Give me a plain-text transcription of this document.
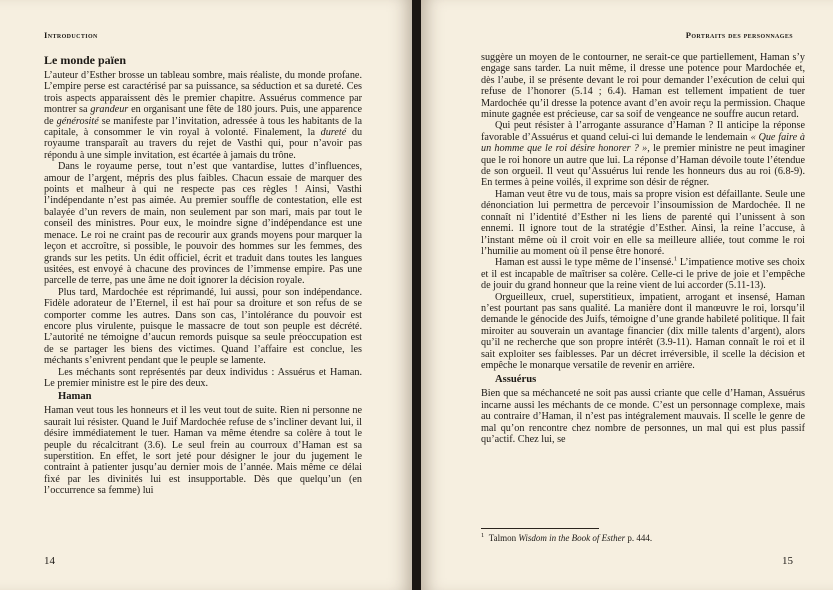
Introduction
Le monde païen

L’auteur d’Esther brosse un tableau sombre, mais réaliste, du monde profane. L’empire perse est caractérisé par sa puissance, sa séduction et sa dureté. Ces trois aspects apparaissent dès le premier chapitre. Assuérus commence par montrer sa grandeur en organisant une fête de 180 jours. Puis, une apparence de générosité se manifeste par l’invitation, adressée à tous les habitants de la capitale, à consommer le vin royal à volonté. Finalement, la dureté du royaume transparaît au travers du rejet de Vasthi qui, pour n’avoir pas répondu à une simple invitation, est écartée à jamais du trône.

Dans le royaume perse, tout n’est que vantardise, luttes d’influences, amour de l’argent, mépris des plus faibles. Chacun essaie de marquer des points et malheur à qui ne respecte pas ces règles ! Ainsi, Vasthi l’indépendante n’est pas aimée. Au premier souffle de contestation, elle est balayée d’un revers de main, non seulement par son mari, mais par tout le conseil des ministres. Pour eux, le moindre signe d’indépendance est une menace. Le roi ne craint pas de recourir aux grands moyens pour marquer la leçon et accroître, si possible, le pouvoir des hommes sur les femmes, des grands sur les petits. Un édit officiel, écrit et traduit dans toutes les langues usitées, est envoyé à chacune des provinces de l’immense empire. Pas une parcelle de terre, pas une âme ne doit ignorer la décision royale.

Plus tard, Mardochée est réprimandé, lui aussi, pour son indépendance. Fidèle adorateur de l’Eternel, il est haï pour sa droiture et son refus de se comporter comme les autres. Dans son cas, l’intolérance du pouvoir est encore plus virulente, puisque le massacre de tout son peuple est décrété. L’autorité ne témoigne d’aucun remords puisque sa seule préoccupation est de se partager les biens des victimes. Quand l’affaire est conclue, les méchants s’enivrent pendant que le peuple se lamente.

Les méchants sont représentés par deux individus : Assuérus et Haman. Le premier ministre est le pire des deux.

Haman

Haman veut tous les honneurs et il les veut tout de suite. Rien ni personne ne saurait lui résister. Quand le Juif Mardochée refuse de s’incliner devant lui, il désire immédiatement le tuer. Haman va même étendre sa colère à tout le peuple du récalcitrant (3.6). Le seul frein au courroux d’Haman est sa superstition. En effet, le sort jeté pour désigner le jour du jugement le contraint à patienter jusqu’au dernier mois de l’année. Mais même ce délai fixé par les divinités lui est insupportable. Dès que quelqu’un (en l’occurrence sa femme) lui

14
Portraits des personnages

suggère un moyen de le contourner, ne serait-ce que partiellement, Haman s’y engage sans tarder. La nuit même, il dresse une potence pour Mardochée et, dès l’aube, il se présente devant le roi pour demander l’exécution de celui qui refuse de l’honorer (5.14 ; 6.4). Haman est tellement impatient de tuer Mardochée qu’il dresse la potence avant d’en avoir reçu la permission. Chaque minute gagnée est précieuse, car sa soif de vengeance ne souffre aucun retard.

Qui peut résister à l’arrogante assurance d’Haman ? Il anticipe la réponse favorable d’Assuérus et quand celui-ci lui demande le lendemain « Que faire à un homme que le roi désire honorer ? », le premier ministre ne peut imaginer que le roi honore un autre que lui. La réponse d’Haman dévoile toute l’étendue de son orgueil. Il veut qu’Assuérus lui rende les honneurs dus au roi (6.8-9). En termes à peine voilés, il exprime son désir de régner.

Haman veut être vu de tous, mais sa propre vision est défaillante. Seule une dénonciation lui permettra de percevoir l’insoumission de Mardochée. Il ne connaît ni l’identité d’Esther ni les liens de parenté qui l’unissent à son ennemi. Il ignore tout de la stratégie d’Esther. Ainsi, la reine l’accuse, à l’instant même où il croit voir en elle sa meilleure alliée, tout comme le roi l’humilie au moment où il pense être honoré.

Haman est aussi le type même de l’insensé.$^1$ L’impatience motive ses choix et il est incapable de maîtriser sa colère. Celle-ci le prive de joie et l’empêche de jouir du grand honneur que la reine vient de lui accorder (5.11-13).

Orgueilleux, cruel, superstitieux, impatient, arrogant et insensé, Haman n’est pourtant pas sans qualité. La manière dont il manœuvre le roi, lorsqu’il demande le génocide des Juifs, témoigne d’une grande habileté politique. Il fait miroiter au souverain un avantage financier (dix mille talents d’argent), alors qu’il ne recherche que son propre intérêt (3.9-11). Haman connaît le roi et il sait exploiter ses faiblesses. Par un décret irréversible, il scelle la décision et empêche le monarque versatile de revenir en arrière.

Assuérus

Bien que sa méchanceté ne soit pas aussi criante que celle d’Haman, Assuérus incarne aussi les méchants de ce monde. C’est un personnage complexe, mais au contraire d’Haman, il n’est pas intégralement mauvais. Il scelle le genre de mal qu’on rencontre chez nombre de personnes, un mal qui est plus passif qu’actif. Chez lui, se

$^1$ Talmon Wisdom in the Book of Esther p. 444.
15
